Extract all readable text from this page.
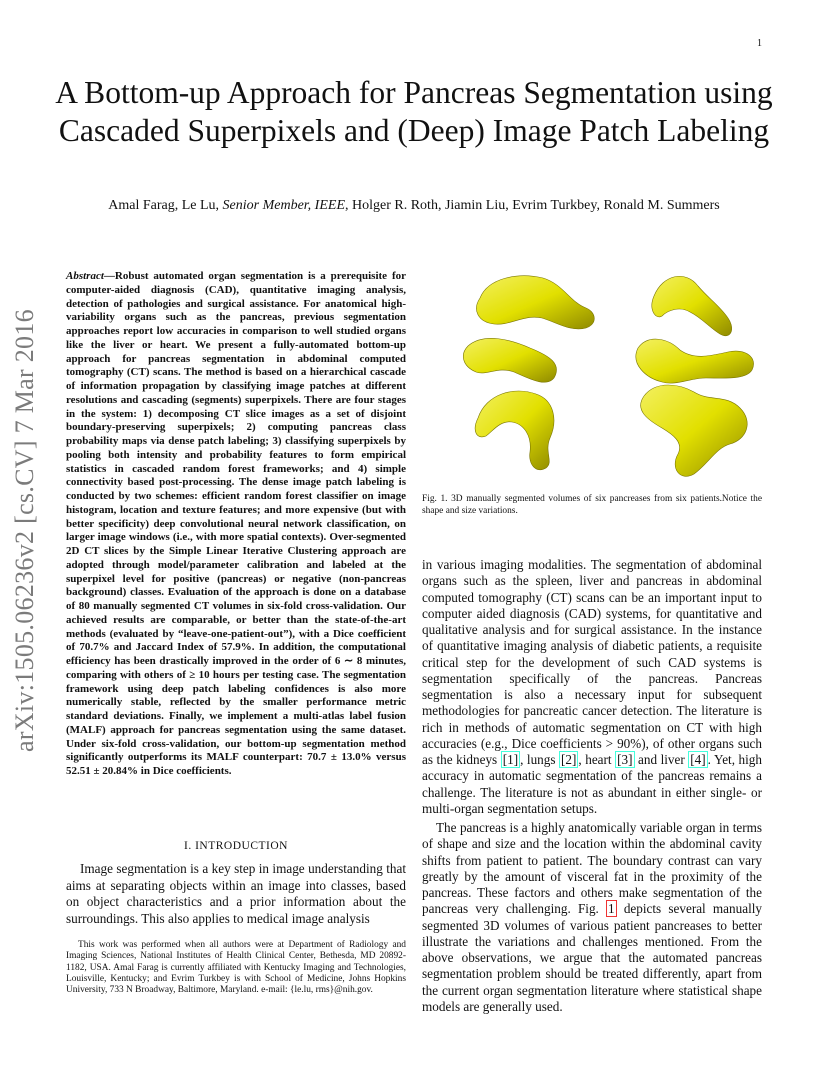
1
arXiv:1505.06236v2 [cs.CV] 7 Mar 2016
A Bottom-up Approach for Pancreas Segmentation using Cascaded Superpixels and (Deep) Image Patch Labeling
Amal Farag, Le Lu, Senior Member, IEEE, Holger R. Roth, Jiamin Liu, Evrim Turkbey, Ronald M. Summers
Abstract—Robust automated organ segmentation is a prerequisite for computer-aided diagnosis (CAD), quantitative imaging analysis, detection of pathologies and surgical assistance. For anatomical high-variability organs such as the pancreas, previous segmentation approaches report low accuracies in comparison to well studied organs like the liver or heart. We present a fully-automated bottom-up approach for pancreas segmentation in abdominal computed tomography (CT) scans. The method is based on a hierarchical cascade of information propagation by classifying image patches at different resolutions and cascading (segments) superpixels. There are four stages in the system: 1) decomposing CT slice images as a set of disjoint boundary-preserving superpixels; 2) computing pancreas class probability maps via dense patch labeling; 3) classifying superpixels by pooling both intensity and probability features to form empirical statistics in cascaded random forest frameworks; and 4) simple connectivity based post-processing. The dense image patch labeling is conducted by two schemes: efficient random forest classifier on image histogram, location and texture features; and more expensive (but with better specificity) deep convolutional neural network classification, on larger image windows (i.e., with more spatial contexts). Over-segmented 2D CT slices by the Simple Linear Iterative Clustering approach are adopted through model/parameter calibration and labeled at the superpixel level for positive (pancreas) or negative (non-pancreas background) classes. Evaluation of the approach is done on a database of 80 manually segmented CT volumes in six-fold cross-validation. Our achieved results are comparable, or better than the state-of-the-art methods (evaluated by “leave-one-patient-out”), with a Dice coefficient of 70.7% and Jaccard Index of 57.9%. In addition, the computational efficiency has been drastically improved in the order of 6 ∼ 8 minutes, comparing with others of ≥ 10 hours per testing case. The segmentation framework using deep patch labeling confidences is also more numerically stable, reflected by the smaller performance metric standard deviations. Finally, we implement a multi-atlas label fusion (MALF) approach for pancreas segmentation using the same dataset. Under six-fold cross-validation, our bottom-up segmentation method significantly outperforms its MALF counterpart: 70.7 ± 13.0% versus 52.51 ± 20.84% in Dice coefficients.
I. INTRODUCTION
Image segmentation is a key step in image understanding that aims at separating objects within an image into classes, based on object characteristics and a prior information about the surroundings. This also applies to medical image analysis
This work was performed when all authors were at Department of Radiology and Imaging Sciences, National Institutes of Health Clinical Center, Bethesda, MD 20892-1182, USA. Amal Farag is currently affiliated with Kentucky Imaging and Technologies, Louisville, Kentucky; and Evrim Turkbey is with School of Medicine, Johns Hopkins University, 733 N Broadway, Baltimore, Maryland. e-mail: {le.lu, rms}@nih.gov.
Fig. 1. 3D manually segmented volumes of six pancreases from six patients.Notice the shape and size variations.
in various imaging modalities. The segmentation of abdominal organs such as the spleen, liver and pancreas in abdominal computed tomography (CT) scans can be an important input to computer aided diagnosis (CAD) systems, for quantitative and qualitative analysis and for surgical assistance. In the instance of quantitative imaging analysis of diabetic patients, a requisite critical step for the development of such CAD systems is segmentation specifically of the pancreas. Pancreas segmentation is also a necessary input for subsequent methodologies for pancreatic cancer detection. The literature is rich in methods of automatic segmentation on CT with high accuracies (e.g., Dice coefficients > 90%), of other organs such as the kidneys [1] , lungs [2] , heart [3] and liver [4] . Yet, high accuracy in automatic segmentation of the pancreas remains a challenge. The literature is not as abundant in either single- or multi-organ segmentation setups.
The pancreas is a highly anatomically variable organ in terms of shape and size and the location within the abdominal cavity shifts from patient to patient. The boundary contrast can vary greatly by the amount of visceral fat in the proximity of the pancreas. These factors and others make segmentation of the pancreas very challenging. Fig. 1 depicts several manually segmented 3D volumes of various patient pancreases to better illustrate the variations and challenges mentioned. From the above observations, we argue that the automated pancreas segmentation problem should be treated differently, apart from the current organ segmentation literature where statistical shape models are generally used.
